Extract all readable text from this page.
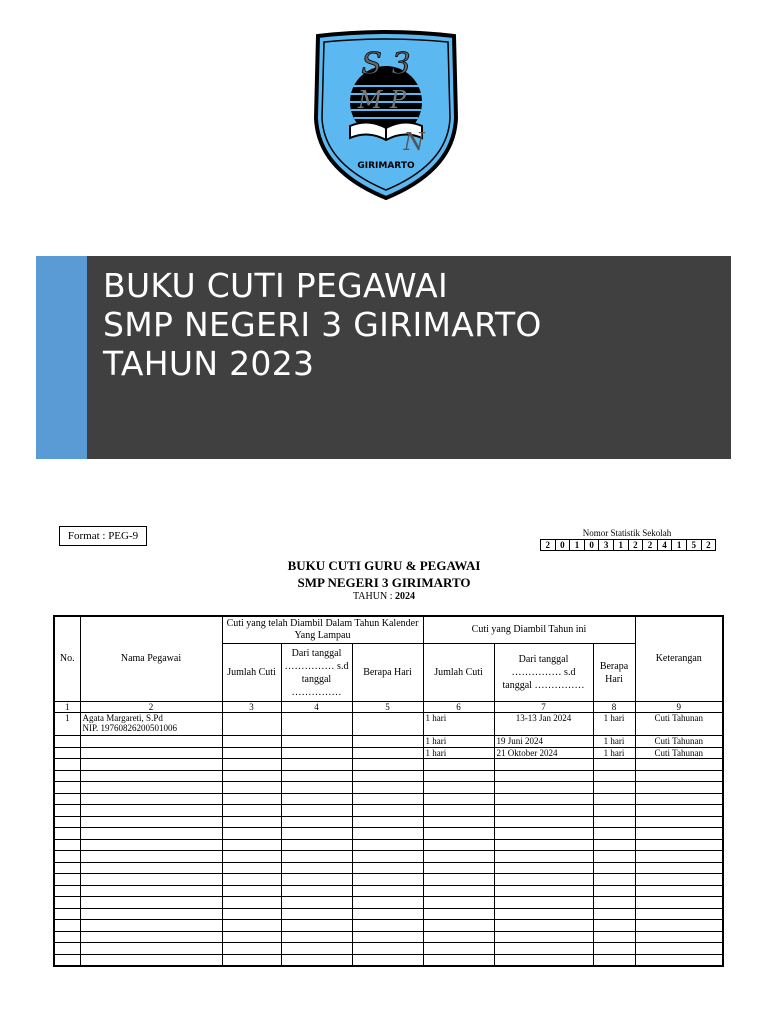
S 3
M P
N
GIRIMARTO
BUKU CUTI PEGAWAI
SMP NEGERI 3 GIRIMARTO
TAHUN 2023
Format : PEG-9	Nomor Statistik Sekolah
2	0	1	0	3	1	2	2	4	1	5	2
BUKU CUTI GURU & PEGAWAI
SMP NEGERI 3 GIRIMARTO
TAHUN : 2024
No.	Nama Pegawai	Cuti yang telah Diambil Dalam Tahun Kalender Yang Lampau			Cuti yang Diambil Tahun ini			Keterangan
		Jumlah Cuti	Dari tanggal …………… s.d tanggal ……………	Berapa Hari	Jumlah Cuti	Dari tanggal …………… s.d tanggal ……………	Berapa Hari	
1	2	3	4	5	6	7	8	9
1	Agata Margareti, S.Pd
NIP. 19760826200501006				1 hari	13-13 Jan 2024	1 hari	Cuti Tahunan
					1 hari	19 Juni 2024	1 hari	Cuti Tahunan
					1 hari	21 Oktober 2024	1 hari	Cuti Tahunan
